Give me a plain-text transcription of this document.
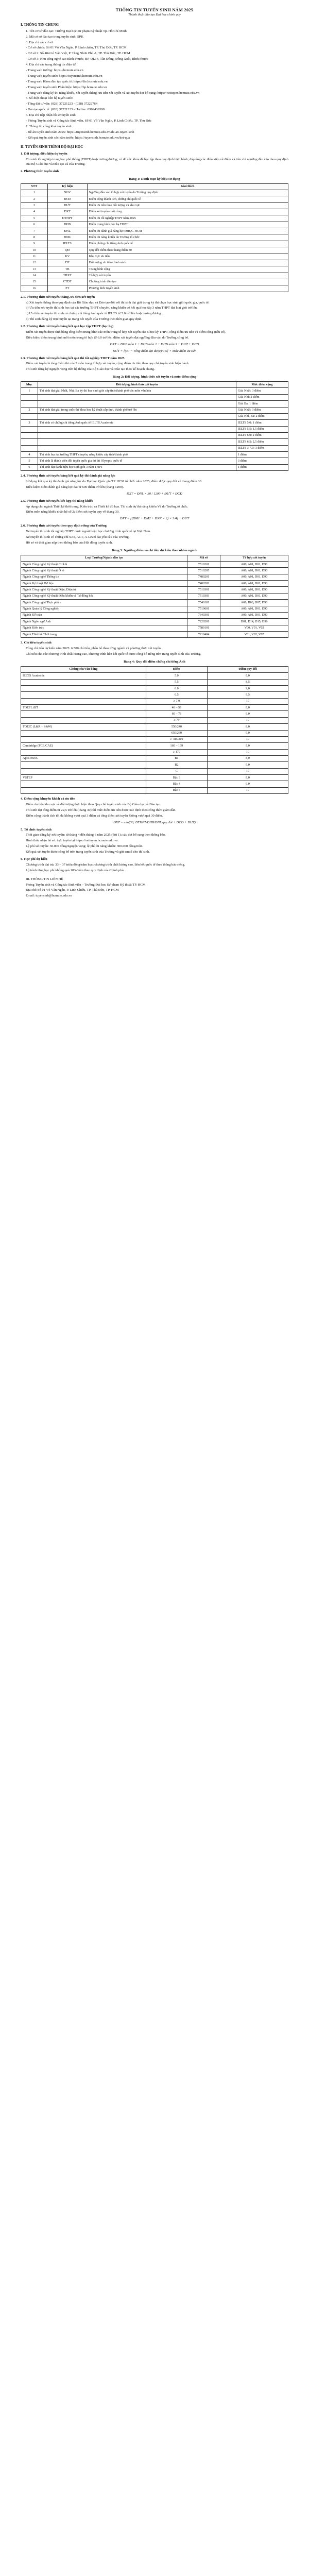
THÔNG TIN TUYỂN SINH NĂM 2025
Thành thực đào tạo Đại học chính quy
I. THÔNG TIN CHUNG
1. Tên cơ sở đào tạo: Trường Đại học Sư phạm Kỹ thuật Tp. Hồ Chí Minh
2. Mã cơ sở đào tạo trong tuyển sinh: SPK
3. Địa chỉ các cơ sở:
- Cơ sở chính: Số 01 Võ Văn Ngân, P. Linh chiểu, TP. Thủ Đức, TP. HCM
- Cơ sở 2: Số 484 Lê Văn Việt, P. Tăng Nhơn Phú A, TP. Thủ Đức, TP. HCM
- Cơ sở 3: Khu công nghệ cao Bình Phước, BP-QL14, Tân Đồng, Đồng Xoài, Bình Phước
4. Địa chỉ các trang thông tin điện tử:
- Trang web trường: https://hcmute.edu.vn
- Trang web tuyển sinh: https://tuyensinh.hcmute.edu.vn
- Trang web Khoa đào tạo quốc tế: https://fie.hcmute.edu.vn
- Trang web tuyển sinh Phân hiệu: https://bp.hcmute.edu.vn
- Trang web đăng ký thi năng khiếu, xét tuyển thẳng, ưu tiên xét tuyển và xét tuyển đợt bổ sung: https://xettuyen.hcmute.edu.vn
5. Số điện thoại liên hệ tuyển sinh:
- Tổng đài tư vấn: (028) 37221223 - (028) 37222764
- Đào tạo quốc tế: (028) 37221223 - Hotline: 0902439398
6. Địa chỉ tiếp nhận hồ sơ tuyển sinh:
- Phòng Tuyển sinh và Công tác Sinh viên, Số 01 Võ Văn Ngân, P. Linh Chiểu, TP. Thủ Đức
7. Thông tin công khai tuyển sinh:
- Đề án tuyển sinh năm 2025: https://tuyensinh.hcmute.edu.vn/de-an-tuyen-sinh
- Kết quả tuyển sinh các năm trước: https://tuyensinh.hcmute.edu.vn/ket-qua
II. TUYỂN SINH TRÌNH ĐỘ ĐẠI HỌC
1. Đối tượng, điều kiện dự tuyển
Thí sinh tốt nghiệp trung học phổ thông (THPT) hoặc tương đương; có đủ sức khỏe để học tập theo quy định hiện hành; đáp ứng các điều kiện về điểm và tiêu chí ngưỡng đầu vào theo quy định của Bộ Giáo dục và Đào tạo và của Trường.
2. Phương thức tuyển sinh
Bảng 1: Danh mục ký hiệu sử dụng
STT	Ký hiệu	Giải thích
1	NGV	Ngưỡng đầu vào tổ hợp xét tuyển do Trường quy định
2	ĐCĐ	Điểm cộng thành tích, chứng chỉ quốc tế
3	ĐƯT	Điểm ưu tiên theo đối tượng và khu vực
4	ĐXT	Điểm xét tuyển cuối cùng
5	ĐTHPT	Điểm thi tốt nghiệp THPT năm 2025
6	ĐHB	Điểm trung bình học bạ THPT
7	ĐNL	Điểm thi đánh giá năng lực ĐHQG-HCM
8	ĐNK	Điểm thi năng khiếu do Trường tổ chức
9	IELTS	Điểm chứng chỉ tiếng Anh quốc tế
10	QĐ	Quy đổi điểm theo thang điểm 30
11	KV	Khu vực ưu tiên
12	ĐT	Đối tượng ưu tiên chính sách
13	TB	Trung bình cộng
14	THXT	Tổ hợp xét tuyển
15	CTĐT	Chương trình đào tạo
16	PT	Phương thức tuyển sinh
2.1. Phương thức xét tuyển thẳng, ưu tiên xét tuyển
a) Xét tuyển thẳng theo quy định của Bộ Giáo dục và Đào tạo đối với thí sinh đạt giải trong kỳ thi chọn học sinh giỏi quốc gia, quốc tế.
b) Ưu tiên xét tuyển thí sinh học tại các trường THPT chuyên, năng khiếu có kết quả học tập 3 năm THPT đạt loại giỏi trở lên.
c) Ưu tiên xét tuyển thí sinh có chứng chỉ tiếng Anh quốc tế IELTS từ 5.0 trở lên hoặc tương đương.
d) Thí sinh đăng ký trực tuyến tại trang xét tuyển của Trường theo thời gian quy định.
2.2. Phương thức xét tuyển bằng kết quả học tập THPT (học bạ)
Điểm xét tuyển được tính bằng tổng điểm trung bình các môn trong tổ hợp xét tuyển của 6 học kỳ THPT, cộng điểm ưu tiên và điểm cộng (nếu có).
Điều kiện: điểm trung bình mỗi môn trong tổ hợp từ 6.0 trở lên; điểm xét tuyển đạt ngưỡng đầu vào do Trường công bố.
ĐXT = ĐHB môn 1 + ĐHB môn 2 + ĐHB môn 3 + ĐƯT + ĐCĐ
ĐƯT = [(30 − Tổng điểm đạt được)/7,5] × Mức điểm ưu tiên
2.3. Phương thức xét tuyển bằng kết quả thi tốt nghiệp THPT năm 2025
Điểm xét tuyển là tổng điểm thi của 3 môn trong tổ hợp xét tuyển, cộng điểm ưu tiên theo quy chế tuyển sinh hiện hành.
Thí sinh đăng ký nguyện vọng trên hệ thống của Bộ Giáo dục và Đào tạo theo kế hoạch chung.
Bảng 2: Đối tượng, hình thức xét tuyển và mức điểm cộng
Mục	Đối tượng, hình thức xét tuyển	Mức điểm cộng
1	Thí sinh đạt giải Nhất, Nhì, Ba kỳ thi học sinh giỏi cấp tỉnh/thành phố các môn văn hóa	Giải Nhất: 3 điểm
		Giải Nhì: 2 điểm
		Giải Ba: 1 điểm
2	Thí sinh đạt giải trong cuộc thi khoa học kỹ thuật cấp tỉnh, thành phố trở lên	Giải Nhất: 3 điểm
		Giải Nhì, Ba: 2 điểm
3	Thí sinh có chứng chỉ tiếng Anh quốc tế IELTS Academic	IELTS 5.0: 1 điểm
		IELTS 5.5: 1,5 điểm
		IELTS 6.0: 2 điểm
		IELTS 6.5: 2,5 điểm
		IELTS ≥ 7.0: 3 điểm
4	Thí sinh học tại trường THPT chuyên, năng khiếu cấp tỉnh/thành phố	1 điểm
5	Thí sinh là thành viên đội tuyển quốc gia dự thi Olympic quốc tế	3 điểm
6	Thí sinh đạt danh hiệu học sinh giỏi 3 năm THPT	1 điểm
2.4. Phương thức xét tuyển bằng kết quả kỳ thi đánh giá năng lực
Sử dụng kết quả kỳ thi đánh giá năng lực do Đại học Quốc gia TP. HCM tổ chức năm 2025; điểm được quy đổi về thang điểm 30.
Điều kiện: điểm đánh giá năng lực đạt từ 600 điểm trở lên (thang 1200).
ĐXT = ĐNL × 30 / 1200 + ĐƯT + ĐCĐ
2.5. Phương thức xét tuyển kết hợp thi năng khiếu
Áp dụng cho ngành Thiết kế thời trang, Kiến trúc và Thiết kế đồ họa. Thí sinh dự thi năng khiếu Vẽ do Trường tổ chức.
Điểm môn năng khiếu nhân hệ số 2; điểm xét tuyển quy về thang 30.
ĐXT = [(ĐM1 + ĐM2 + ĐNK × 2) × 3/4] + ĐƯT
2.6. Phương thức xét tuyển theo quy định riêng của Trường
Xét tuyển thí sinh tốt nghiệp THPT nước ngoài hoặc học chương trình quốc tế tại Việt Nam.
Xét tuyển thí sinh có chứng chỉ SAT, ACT, A-Level đạt yêu cầu của Trường.
Hồ sơ và thời gian nộp theo thông báo của Hội đồng tuyển sinh.
Bảng 3: Ngưỡng điểm và chỉ tiêu dự kiến theo nhóm ngành
Loại Trường/Ngành đào tạo	Mã số	Tổ hợp xét tuyển
Ngành Công nghệ Kỹ thuật Cơ khí	7510201	A00, A01, D01, D90
Ngành Công nghệ Kỹ thuật Ô tô	7510205	A00, A01, D01, D90
Ngành Công nghệ Thông tin	7480201	A00, A01, D01, D90
Ngành Kỹ thuật Dữ liệu	7480203	A00, A01, D01, D90
Ngành Công nghệ Kỹ thuật Điện, Điện tử	7510301	A00, A01, D01, D90
Ngành Công nghệ Kỹ thuật Điều khiển và Tự động hóa	7510303	A00, A01, D01, D90
Ngành Công nghệ Thực phẩm	7540101	A00, B00, D07, D90
Ngành Quản lý Công nghiệp	7510601	A00, A01, D01, D90
Ngành Kế toán	7340301	A00, A01, D01, D90
Ngành Ngôn ngữ Anh	7220201	D01, D14, D15, D96
Ngành Kiến trúc	7580101	V00, V01, V02
Ngành Thiết kế Thời trang	7210404	V01, V02, V07
3. Chỉ tiêu tuyển sinh
Tổng chỉ tiêu dự kiến năm 2025: 6.500 chỉ tiêu, phân bổ theo từng ngành và phương thức xét tuyển.
Chỉ tiêu cho các chương trình chất lượng cao, chương trình liên kết quốc tế được công bố riêng trên trang tuyển sinh của Trường.
Bảng 4: Quy đổi điểm chứng chỉ tiếng Anh
Chứng chỉ/Văn bằng	Điểm	Điểm quy đổi
IELTS Academic	5.0	8,0
	5.5	8,5
	6.0	9,0
	6.5	9,5
	≥ 7.0	10
TOEFL iBT	46 – 59	8,0
	60 – 78	9,0
	≥ 79	10
TOEIC (L&R + S&W)	550/240	8,0
	650/260	9,0
	≥ 785/310	10
Cambridge (FCE/CAE)	160 – 169	9,0
	≥ 170	10
Aptis ESOL	B1	8,0
	B2	9,0
	C	10
VSTEP	Bậc 3	8,0
	Bậc 4	9,0
	Bậc 5	10
4. Điểm cộng khuyến khích và ưu tiên
Điểm ưu tiên khu vực và đối tượng thực hiện theo Quy chế tuyển sinh của Bộ Giáo dục và Đào tạo.
Thí sinh đạt tổng điểm từ 22,5 trở lên (thang 30) thì mức điểm ưu tiên được xác định theo công thức giảm dần.
Điểm cộng thành tích tối đa không vượt quá 3 điểm và tổng điểm xét tuyển không vượt quá 30 điểm.
ĐXT = min(30; ĐTHPT/ĐHB/ĐNL quy đổi + ĐCĐ + ĐƯT)
5. Tổ chức tuyển sinh
Thời gian đăng ký xét tuyển: từ tháng 4 đến tháng 6 năm 2025 (đợt 1); các đợt bổ sung theo thông báo.
Hình thức nhận hồ sơ: trực tuyến tại https://xettuyen.hcmute.edu.vn.
Lệ phí xét tuyển: 30.000 đồng/nguyện vọng; lệ phí thi năng khiếu: 300.000 đồng/môn.
Kết quả xét tuyển được công bố trên trang tuyển sinh của Trường và gửi email cho thí sinh.
6. Học phí dự kiến
Chương trình đại trà: 33 – 37 triệu đồng/năm học; chương trình chất lượng cao, liên kết quốc tế theo thông báo riêng.
Lộ trình tăng học phí không quá 10%/năm theo quy định của Chính phủ.
III. THÔNG TIN LIÊN HỆ
Phòng Tuyển sinh và Công tác Sinh viên – Trường Đại học Sư phạm Kỹ thuật TP. HCM
Địa chỉ: Số 01 Võ Văn Ngân, P. Linh Chiểu, TP. Thủ Đức, TP. HCM
Email: tuyensinh@hcmute.edu.vn
